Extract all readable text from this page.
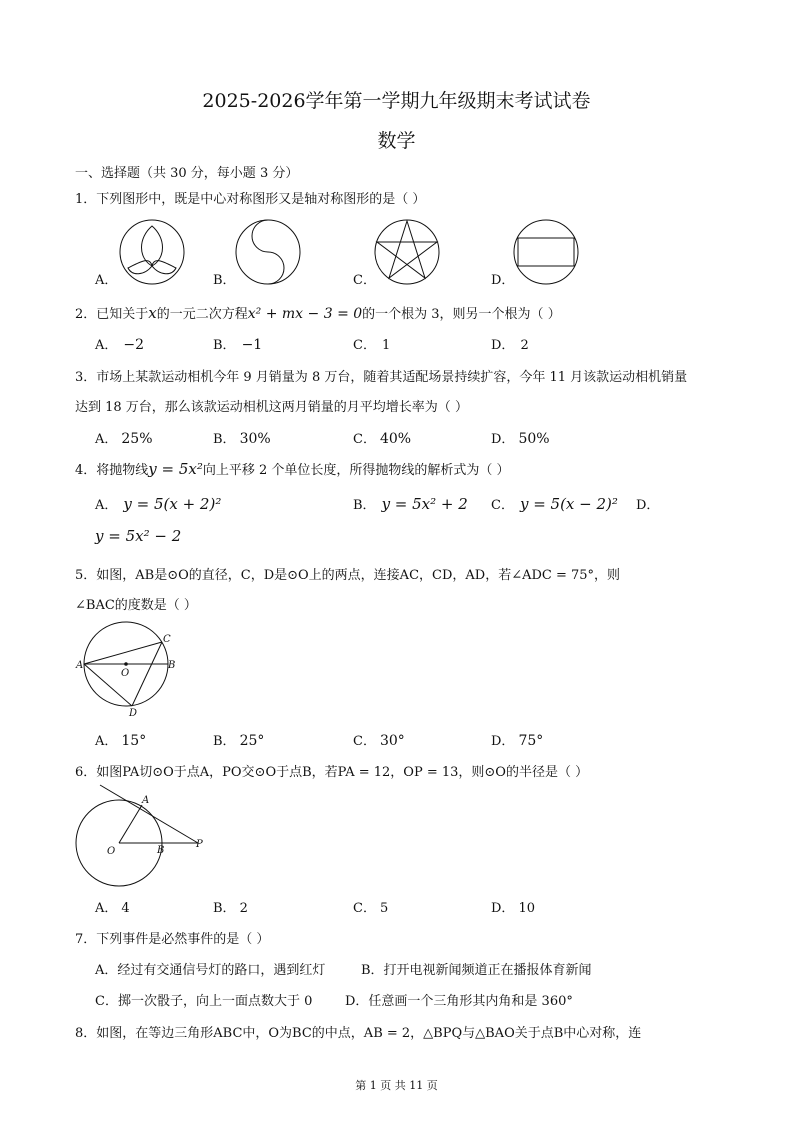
2025-2026学年第一学期九年级期末考试试卷
数学
一、选择题（共 30 分，每小题 3 分）
1．下列图形中，既是中心对称图形又是轴对称图形的是（ ）
A．	B．	C．	D．
2．已知关于x的一元二次方程x² + mx − 3 = 0的一个根为 3，则另一个根为（ ）
A． −2	B． −1	C． 1	D． 2
3．市场上某款运动相机今年 9 月销量为 8 万台，随着其适配场景持续扩容，今年 11 月该款运动相机销量
达到 18 万台，那么该款运动相机这两月销量的月平均增长率为（ ）
A． 25%	B． 30%	C． 40%	D． 50%
4．将抛物线y = 5x²向上平移 2 个单位长度，所得抛物线的解析式为（ ）
A． y = 5(x + 2)²	B． y = 5x² + 2 C． y = 5(x − 2)² D．
y = 5x² − 2
5．如图，AB是⊙O的直径，C，D是⊙O上的两点，连接AC，CD，AD，若∠ADC = 75°，则
∠BAC的度数是（ ）
A	B
C
D
O
A． 15°	B． 25°	C． 30°	D． 75°
6．如图PA切⊙O于点A，PO交⊙O于点B，若PA = 12，OP = 13，则⊙O的半径是（ ）
O
A
B
P
A． 4	B． 2	C． 5	D． 10
7．下列事件是必然事件的是（ ）
A．经过有交通信号灯的路口，遇到红灯	B．打开电视新闻频道正在播报体育新闻
C．掷一次骰子，向上一面点数大于 0	D．任意画一个三角形其内角和是 360°
8．如图，在等边三角形ABC中，O为BC的中点，AB = 2，△BPQ与△BAO关于点B中心对称，连
第 1 页 共 11 页
